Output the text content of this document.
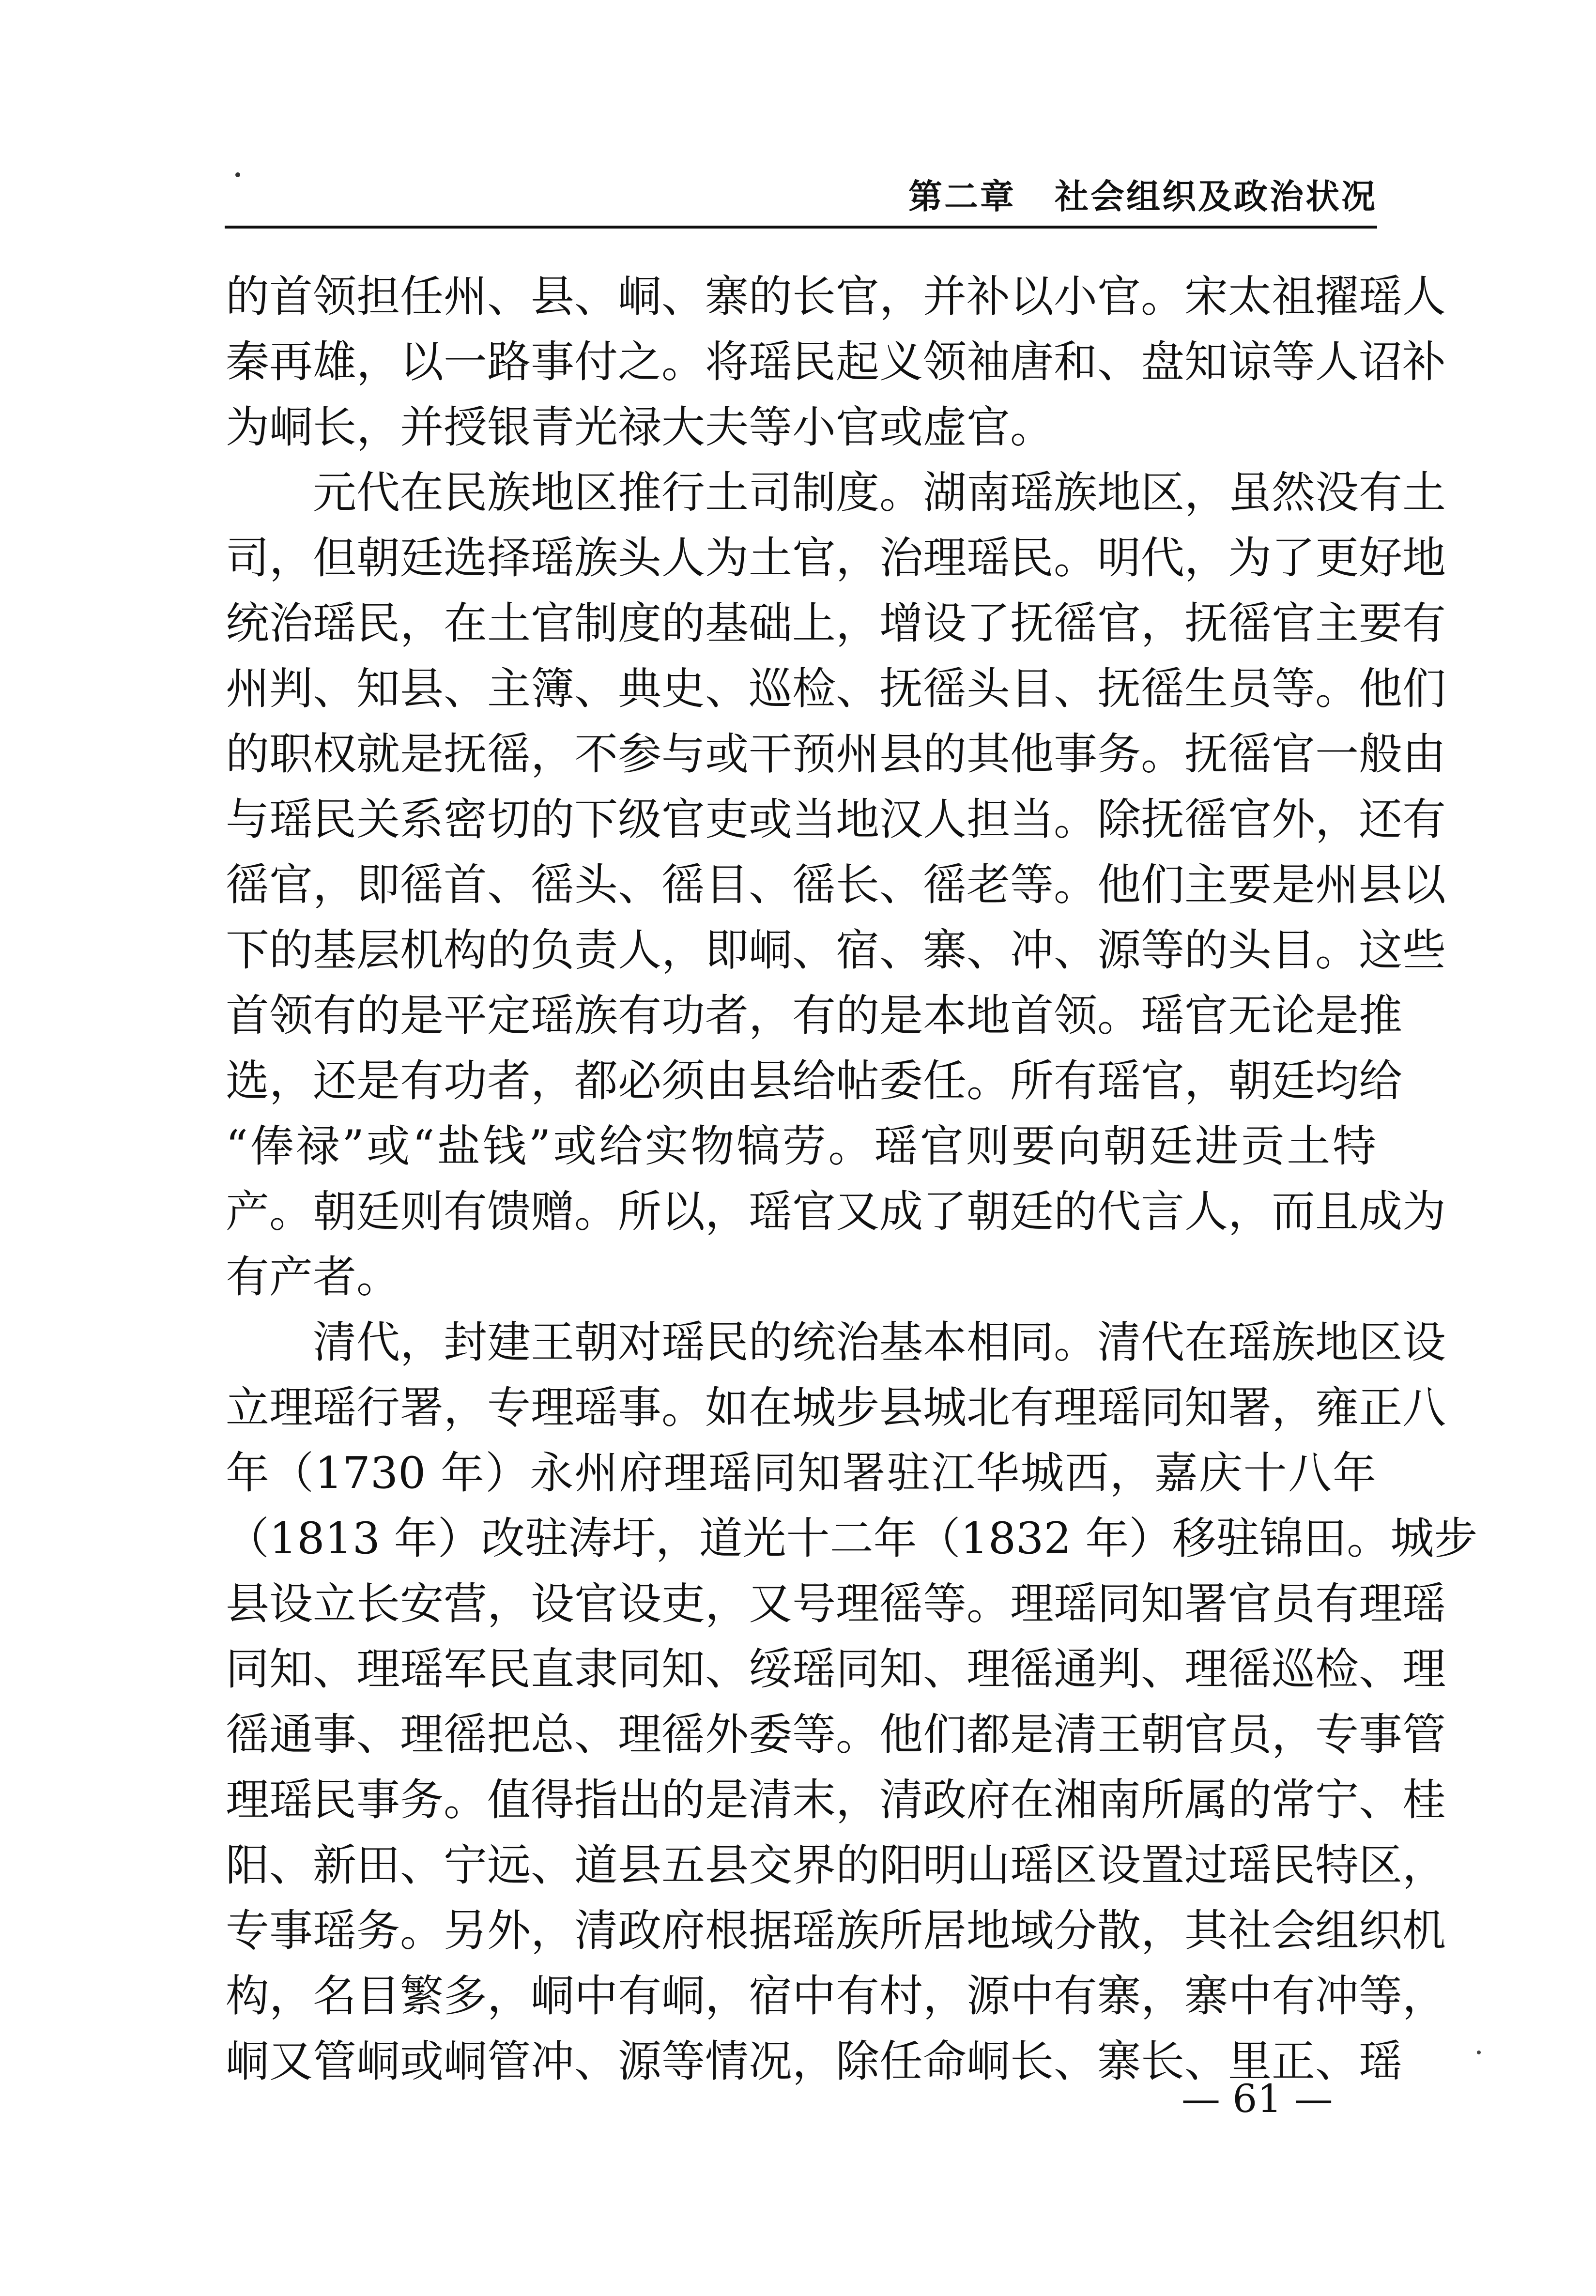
第二章 社会组织及政治状况
的首领担任州、县、峒、寨的长官，并补以小官。宋太祖擢瑶人
秦再雄，以一路事付之。将瑶民起义领袖唐和、盘知谅等人诏补
为峒长，并授银青光禄大夫等小官或虚官。
元代在民族地区推行土司制度。湖南瑶族地区，虽然没有土
司，但朝廷选择瑶族头人为土官，治理瑶民。明代，为了更好地
统治瑶民，在土官制度的基础上，增设了抚徭官，抚徭官主要有
州判、知县、主簿、典史、巡检、抚徭头目、抚徭生员等。他们
的职权就是抚徭，不参与或干预州县的其他事务。抚徭官一般由
与瑶民关系密切的下级官吏或当地汉人担当。除抚徭官外，还有
徭官，即徭首、徭头、徭目、徭长、徭老等。他们主要是州县以
下的基层机构的负责人，即峒、宿、寨、冲、源等的头目。这些
首领有的是平定瑶族有功者，有的是本地首领。瑶官无论是推
选，还是有功者，都必须由县给帖委任。所有瑶官，朝廷均给
“俸禄”或“盐钱”或给实物犒劳。瑶官则要向朝廷进贡土特
产。朝廷则有馈赠。所以，瑶官又成了朝廷的代言人，而且成为
有产者。
清代，封建王朝对瑶民的统治基本相同。清代在瑶族地区设
立理瑶行署，专理瑶事。如在城步县城北有理瑶同知署，雍正八
年（1730 年）永州府理瑶同知署驻江华城西，嘉庆十八年
（1813 年）改驻涛圩，道光十二年（1832 年）移驻锦田。城步
县设立长安营，设官设吏，又号理徭等。理瑶同知署官员有理瑶
同知、理瑶军民直隶同知、绥瑶同知、理徭通判、理徭巡检、理
徭通事、理徭把总、理徭外委等。他们都是清王朝官员，专事管
理瑶民事务。值得指出的是清末，清政府在湘南所属的常宁、桂
阳、新田、宁远、道县五县交界的阳明山瑶区设置过瑶民特区，
专事瑶务。另外，清政府根据瑶族所居地域分散，其社会组织机
构，名目繁多，峒中有峒，宿中有村，源中有寨，寨中有冲等，
峒又管峒或峒管冲、源等情况，除任命峒长、寨长、里正、瑶
— 61 —
